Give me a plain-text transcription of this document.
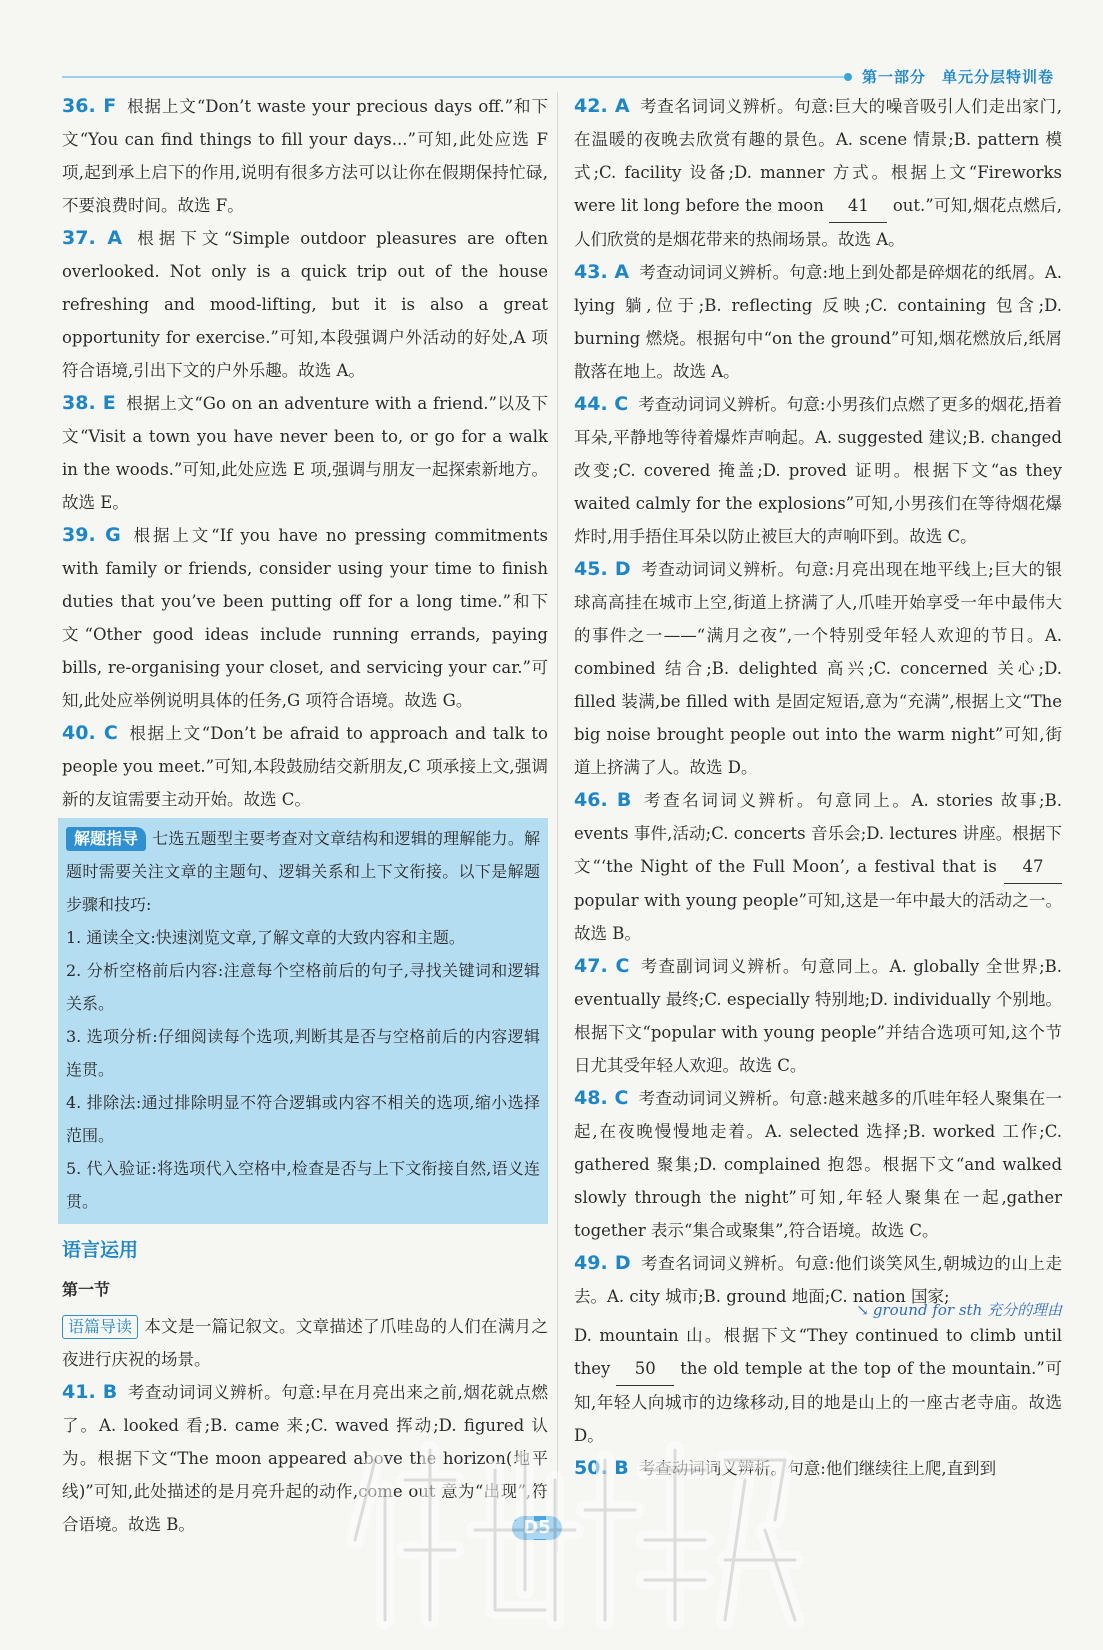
第一部分 单元分层特训卷

36. F 根据上文“Don’t waste your precious days off.”和下文“You can find things to fill your days...”可知,此处应选 F 项,起到承上启下的作用,说明有很多方法可以让你在假期保持忙碌,不要浪费时间。故选 F。

37. A 根据下文“Simple outdoor pleasures are often overlooked. Not only is a quick trip out of the house refreshing and mood-lifting, but it is also a great opportunity for exercise.”可知,本段强调户外活动的好处,A 项符合语境,引出下文的户外乐趣。故选 A。

38. E 根据上文“Go on an adventure with a friend.”以及下文“Visit a town you have never been to, or go for a walk in the woods.”可知,此处应选 E 项,强调与朋友一起探索新地方。故选 E。

39. G 根据上文“If you have no pressing commitments with family or friends, consider using your time to finish duties that you’ve been putting off for a long time.”和下文“Other good ideas include running errands, paying bills, re-organising your closet, and servicing your car.”可知,此处应举例说明具体的任务,G 项符合语境。故选 G。

40. C 根据上文“Don’t be afraid to approach and talk to people you meet.”可知,本段鼓励结交新朋友,C 项承接上文,强调新的友谊需要主动开始。故选 C。

解题指导 七选五题型主要考查对文章结构和逻辑的理解能力。解题时需要关注文章的主题句、逻辑关系和上下文衔接。以下是解题步骤和技巧:
1. 通读全文:快速浏览文章,了解文章的大致内容和主题。
2. 分析空格前后内容:注意每个空格前后的句子,寻找关键词和逻辑关系。
3. 选项分析:仔细阅读每个选项,判断其是否与空格前后的内容逻辑连贯。
4. 排除法:通过排除明显不符合逻辑或内容不相关的选项,缩小选择范围。
5. 代入验证:将选项代入空格中,检查是否与上下文衔接自然,语义连贯。
语言运用
第一节

语篇导读 本文是一篇记叙文。文章描述了爪哇岛的人们在满月之夜进行庆祝的场景。

41. B 考查动词词义辨析。句意:早在月亮出来之前,烟花就点燃了。A. looked 看;B. came 来;C. waved 挥动;D. figured 认为。根据下文“The moon appeared above the horizon(地平线)”可知,此处描述的是月亮升起的动作,come out 意为“出现”,符合语境。故选 B。

42. A 考查名词词义辨析。句意:巨大的噪音吸引人们走出家门,在温暖的夜晚去欣赏有趣的景色。A. scene 情景;B. pattern 模式;C. facility 设备;D. manner 方式。根据上文“Fireworks were lit long before the moon 41 out.”可知,烟花点燃后,人们欣赏的是烟花带来的热闹场景。故选 A。

43. A 考查动词词义辨析。句意:地上到处都是碎烟花的纸屑。A. lying 躺,位于;B. reflecting 反映;C. containing 包含;D. burning 燃烧。根据句中“on the ground”可知,烟花燃放后,纸屑散落在地上。故选 A。

44. C 考查动词词义辨析。句意:小男孩们点燃了更多的烟花,捂着耳朵,平静地等待着爆炸声响起。A. suggested 建议;B. changed 改变;C. covered 掩盖;D. proved 证明。根据下文“as they waited calmly for the explosions”可知,小男孩们在等待烟花爆炸时,用手捂住耳朵以防止被巨大的声响吓到。故选 C。

45. D 考查动词词义辨析。句意:月亮出现在地平线上;巨大的银球高高挂在城市上空,街道上挤满了人,爪哇开始享受一年中最伟大的事件之一——“满月之夜”,一个特别受年轻人欢迎的节日。A. combined 结合;B. delighted 高兴;C. concerned 关心;D. filled 装满,be filled with 是固定短语,意为“充满”,根据上文“The big noise brought people out into the warm night”可知,街道上挤满了人。故选 D。

46. B 考查名词词义辨析。句意同上。A. stories 故事;B. events 事件,活动;C. concerts 音乐会;D. lectures 讲座。根据下文“‘the Night of the Full Moon’, a festival that is 47 popular with young people”可知,这是一年中最大的活动之一。故选 B。

47. C 考查副词词义辨析。句意同上。A. globally 全世界;B. eventually 最终;C. especially 特别地;D. individually 个别地。根据下文“popular with young people”并结合选项可知,这个节日尤其受年轻人欢迎。故选 C。

48. C 考查动词词义辨析。句意:越来越多的爪哇年轻人聚集在一起,在夜晚慢慢地走着。A. selected 选择;B. worked 工作;C. gathered 聚集;D. complained 抱怨。根据下文“and walked slowly through the night”可知,年轻人聚集在一起,gather together 表示“集合或聚集”,符合语境。故选 C。

49. D 考查名词词义辨析。句意:他们谈笑风生,朝城边的山上走去。A. city 城市;B. ground 地面;C. nation 国家;

↘ ground for sth 充分的理由

D. mountain 山。根据下文“They continued to climb until they 50 the old temple at the top of the mountain.”可知,年轻人向城市的边缘移动,目的地是山上的一座古老寺庙。故选 D。

50. B 考查动词词义辨析。句意:他们继续往上爬,直到到

D5
